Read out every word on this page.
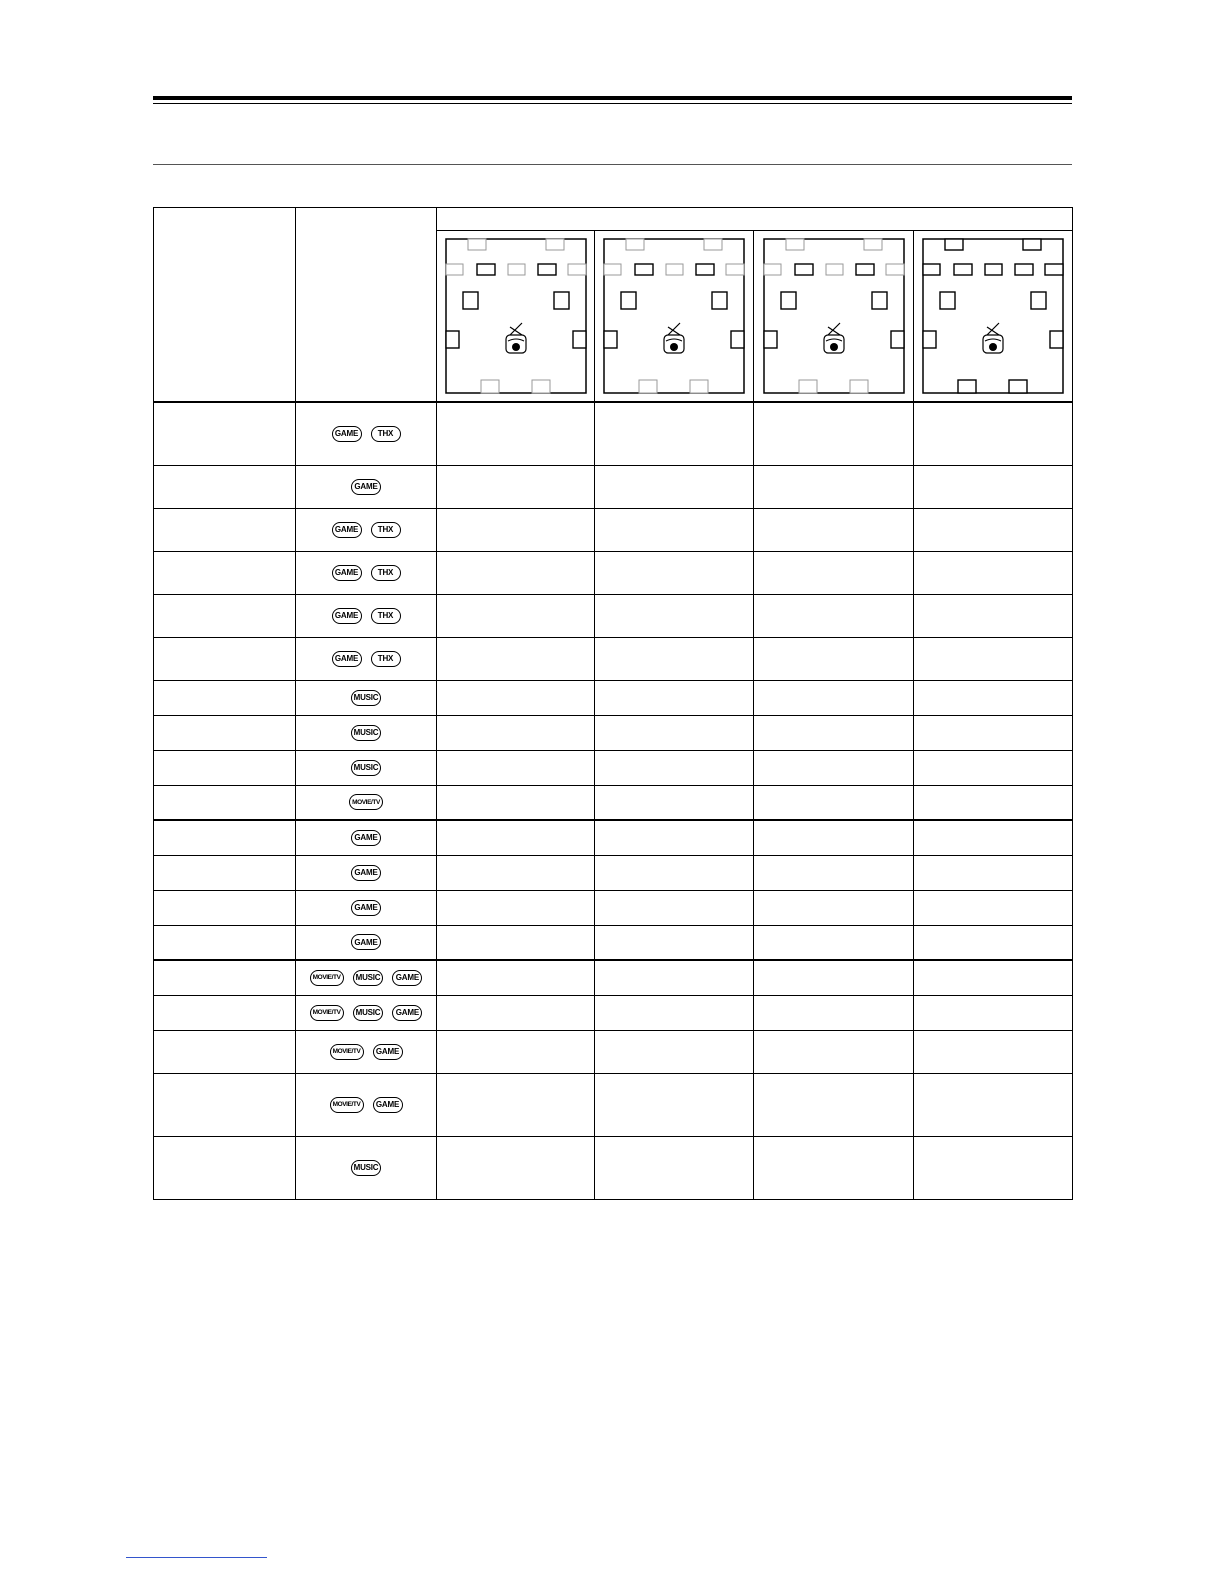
GAME THX				

GAME				

GAME THX				

GAME THX				

GAME THX				

GAME THX				

MUSIC				

MUSIC				

MUSIC				

MOVIE/TV				

GAME				

GAME				

GAME				

GAME				

MOVIE/TV MUSIC GAME				

MOVIE/TV MUSIC GAME				

MOVIE/TV GAME				

MOVIE/TV GAME				

MUSIC				
